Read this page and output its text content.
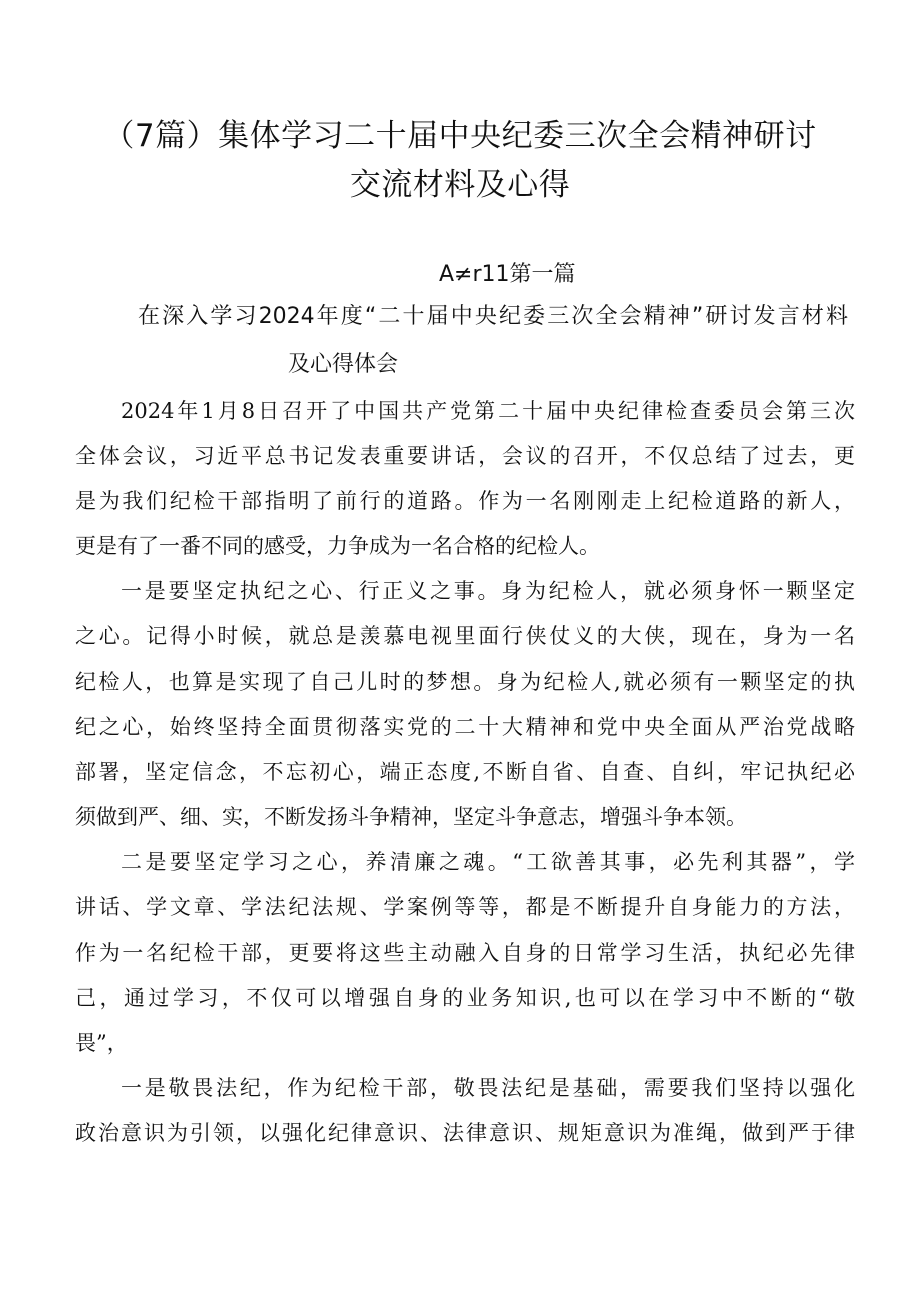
（7篇）集体学习二十届中央纪委三次全会精神研讨
交流材料及心得
A≠r11第一篇
在深入学习2024年度“二十届中央纪委三次全会精神”研讨发言材料
及心得体会
2024年1月8日召开了中国共产党第二十届中央纪律检查委员会第三次
全体会议，习近平总书记发表重要讲话，会议的召开，不仅总结了过去，更
是为我们纪检干部指明了前行的道路。作为一名刚刚走上纪检道路的新人，
更是有了一番不同的感受，力争成为一名合格的纪检人。
一是要坚定执纪之心、行正义之事。身为纪检人，就必须身怀一颗坚定
之心。记得小时候，就总是羡慕电视里面行侠仗义的大侠，现在，身为一名
纪检人，也算是实现了自己儿时的梦想。身为纪检人,就必须有一颗坚定的执
纪之心，始终坚持全面贯彻落实党的二十大精神和党中央全面从严治党战略
部署，坚定信念，不忘初心，端正态度,不断自省、自查、自纠，牢记执纪必
须做到严、细、实，不断发扬斗争精神，坚定斗争意志，增强斗争本领。
二是要坚定学习之心，养清廉之魂。“工欲善其事，必先利其器”，学
讲话、学文章、学法纪法规、学案例等等，都是不断提升自身能力的方法，
作为一名纪检干部，更要将这些主动融入自身的日常学习生活，执纪必先律
己，通过学习，不仅可以增强自身的业务知识,也可以在学习中不断的“敬
畏”，
一是敬畏法纪，作为纪检干部，敬畏法纪是基础，需要我们坚持以强化
政治意识为引领，以强化纪律意识、法律意识、规矩意识为准绳，做到严于律
